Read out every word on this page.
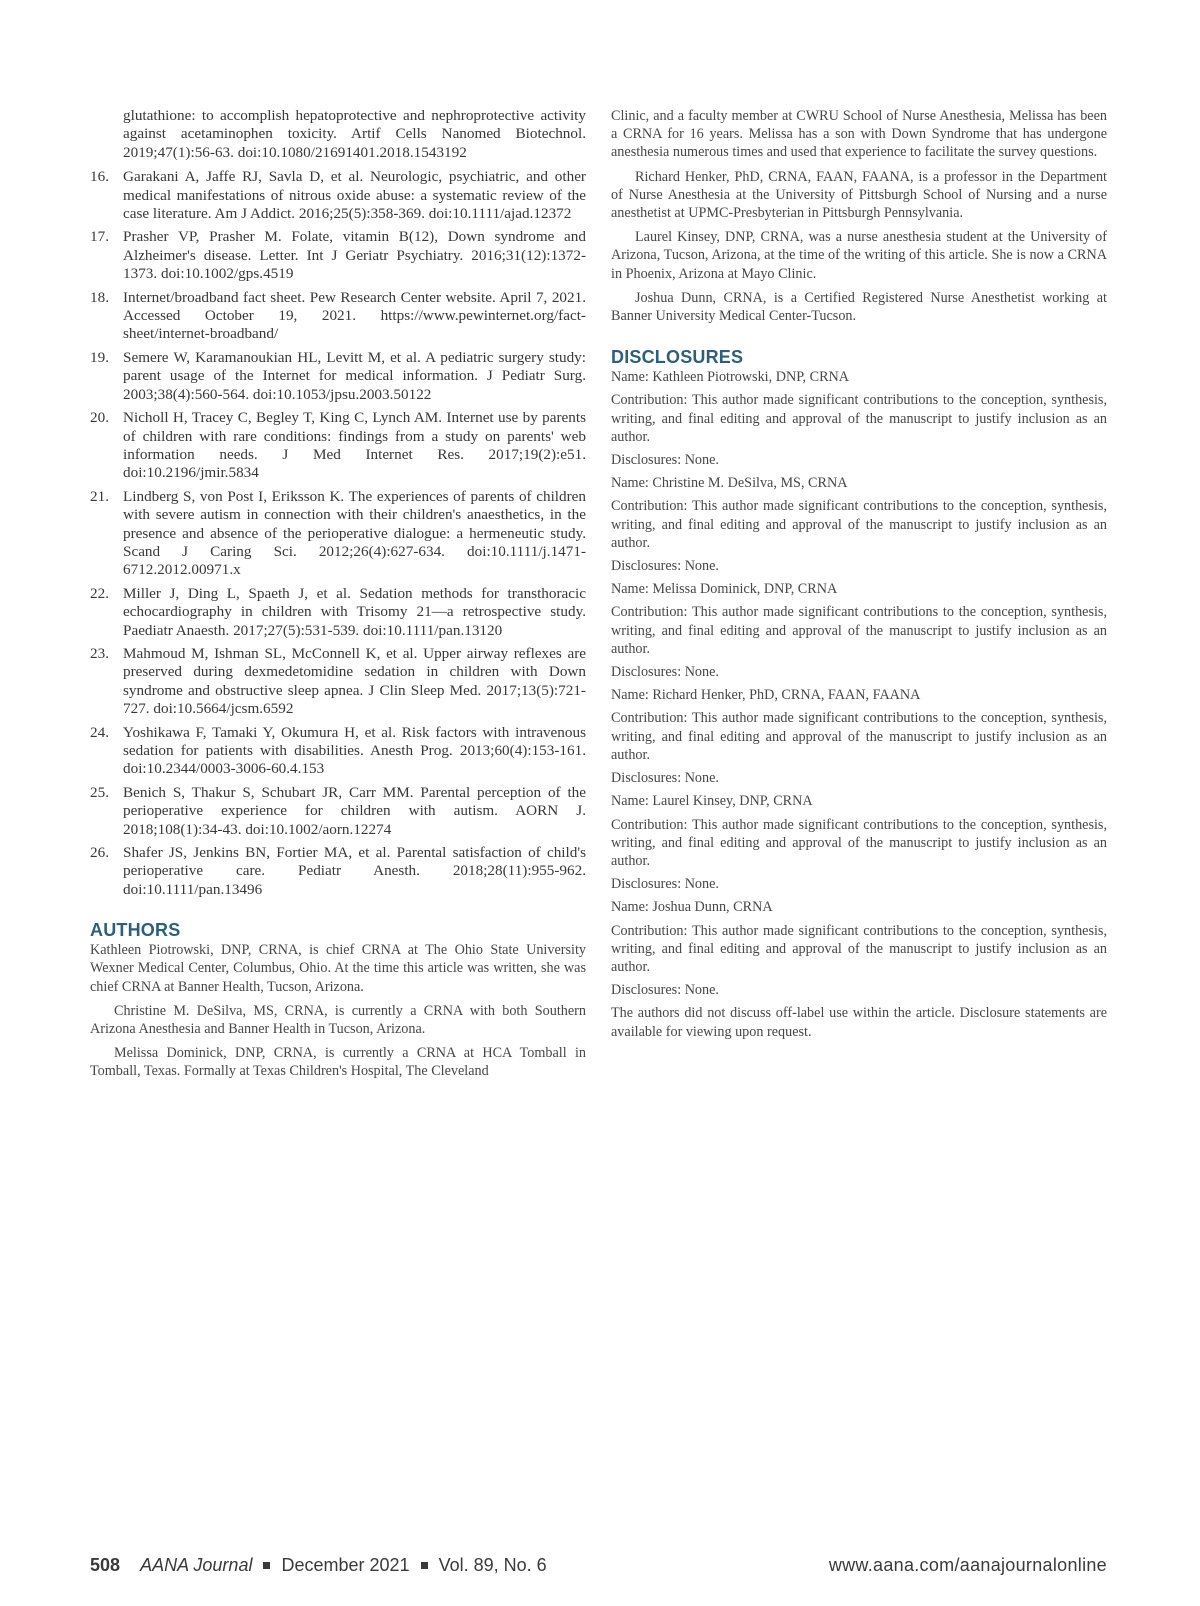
glutathione: to accomplish hepatoprotective and nephroprotective activity against acetaminophen toxicity. Artif Cells Nanomed Biotechnol. 2019;47(1):56-63. doi:10.1080/21691401.2018.1543192
16. Garakani A, Jaffe RJ, Savla D, et al. Neurologic, psychiatric, and other medical manifestations of nitrous oxide abuse: a systematic review of the case literature. Am J Addict. 2016;25(5):358-369. doi:10.1111/ajad.12372
17. Prasher VP, Prasher M. Folate, vitamin B(12), Down syndrome and Alzheimer's disease. Letter. Int J Geriatr Psychiatry. 2016;31(12):1372-1373. doi:10.1002/gps.4519
18. Internet/broadband fact sheet. Pew Research Center website. April 7, 2021. Accessed October 19, 2021. https://www.pewinternet.org/fact-sheet/internet-broadband/
19. Semere W, Karamanoukian HL, Levitt M, et al. A pediatric surgery study: parent usage of the Internet for medical information. J Pediatr Surg. 2003;38(4):560-564. doi:10.1053/jpsu.2003.50122
20. Nicholl H, Tracey C, Begley T, King C, Lynch AM. Internet use by parents of children with rare conditions: findings from a study on parents' web information needs. J Med Internet Res. 2017;19(2):e51. doi:10.2196/jmir.5834
21. Lindberg S, von Post I, Eriksson K. The experiences of parents of children with severe autism in connection with their children's anaesthetics, in the presence and absence of the perioperative dialogue: a hermeneutic study. Scand J Caring Sci. 2012;26(4):627-634. doi:10.1111/j.1471-6712.2012.00971.x
22. Miller J, Ding L, Spaeth J, et al. Sedation methods for transthoracic echocardiography in children with Trisomy 21—a retrospective study. Paediatr Anaesth. 2017;27(5):531-539. doi:10.1111/pan.13120
23. Mahmoud M, Ishman SL, McConnell K, et al. Upper airway reflexes are preserved during dexmedetomidine sedation in children with Down syndrome and obstructive sleep apnea. J Clin Sleep Med. 2017;13(5):721-727. doi:10.5664/jcsm.6592
24. Yoshikawa F, Tamaki Y, Okumura H, et al. Risk factors with intravenous sedation for patients with disabilities. Anesth Prog. 2013;60(4):153-161. doi:10.2344/0003-3006-60.4.153
25. Benich S, Thakur S, Schubart JR, Carr MM. Parental perception of the perioperative experience for children with autism. AORN J. 2018;108(1):34-43. doi:10.1002/aorn.12274
26. Shafer JS, Jenkins BN, Fortier MA, et al. Parental satisfaction of child's perioperative care. Pediatr Anesth. 2018;28(11):955-962. doi:10.1111/pan.13496
AUTHORS

Kathleen Piotrowski, DNP, CRNA, is chief CRNA at The Ohio State University Wexner Medical Center, Columbus, Ohio. At the time this article was written, she was chief CRNA at Banner Health, Tucson, Arizona.

Christine M. DeSilva, MS, CRNA, is currently a CRNA with both Southern Arizona Anesthesia and Banner Health in Tucson, Arizona.

Melissa Dominick, DNP, CRNA, is currently a CRNA at HCA Tomball in Tomball, Texas. Formally at Texas Children's Hospital, The Cleveland

Clinic, and a faculty member at CWRU School of Nurse Anesthesia, Melissa has been a CRNA for 16 years. Melissa has a son with Down Syndrome that has undergone anesthesia numerous times and used that experience to facilitate the survey questions.

Richard Henker, PhD, CRNA, FAAN, FAANA, is a professor in the Department of Nurse Anesthesia at the University of Pittsburgh School of Nursing and a nurse anesthetist at UPMC-Presbyterian in Pittsburgh Pennsylvania.

Laurel Kinsey, DNP, CRNA, was a nurse anesthesia student at the University of Arizona, Tucson, Arizona, at the time of the writing of this article. She is now a CRNA in Phoenix, Arizona at Mayo Clinic.

Joshua Dunn, CRNA, is a Certified Registered Nurse Anesthetist working at Banner University Medical Center-Tucson.

DISCLOSURES

Name: Kathleen Piotrowski, DNP, CRNA

Contribution: This author made significant contributions to the conception, synthesis, writing, and final editing and approval of the manuscript to justify inclusion as an author.

Disclosures: None.

Name: Christine M. DeSilva, MS, CRNA

Contribution: This author made significant contributions to the conception, synthesis, writing, and final editing and approval of the manuscript to justify inclusion as an author.

Disclosures: None.

Name: Melissa Dominick, DNP, CRNA

Contribution: This author made significant contributions to the conception, synthesis, writing, and final editing and approval of the manuscript to justify inclusion as an author.

Disclosures: None.

Name: Richard Henker, PhD, CRNA, FAAN, FAANA

Contribution: This author made significant contributions to the conception, synthesis, writing, and final editing and approval of the manuscript to justify inclusion as an author.

Disclosures: None.

Name: Laurel Kinsey, DNP, CRNA

Contribution: This author made significant contributions to the conception, synthesis, writing, and final editing and approval of the manuscript to justify inclusion as an author.

Disclosures: None.

Name: Joshua Dunn, CRNA

Contribution: This author made significant contributions to the conception, synthesis, writing, and final editing and approval of the manuscript to justify inclusion as an author.

Disclosures: None.

The authors did not discuss off-label use within the article. Disclosure statements are available for viewing upon request.

508 AANA Journal December 2021 Vol. 89, No. 6	www.aana.com/aanajournalonline
